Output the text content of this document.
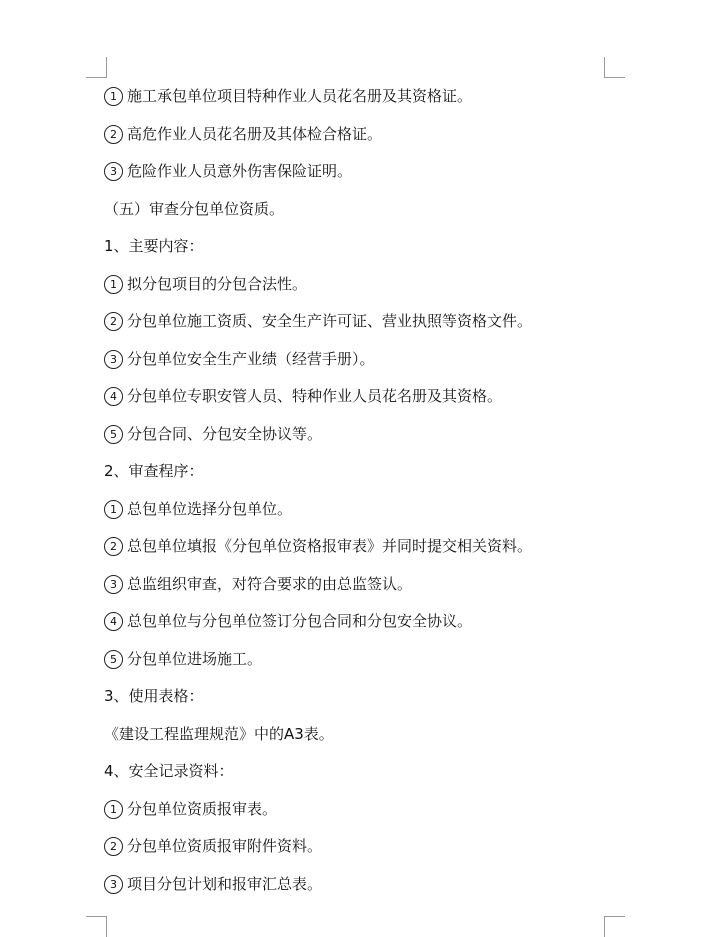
1 施工承包单位项目特种作业人员花名册及其资格证。
2 高危作业人员花名册及其体检合格证。
3 危险作业人员意外伤害保险证明。
（五）审查分包单位资质。
1、主要内容：
1 拟分包项目的分包合法性。
2 分包单位施工资质、安全生产许可证、营业执照等资格文件。
3 分包单位安全生产业绩（经营手册）。
4 分包单位专职安管人员、特种作业人员花名册及其资格。
5 分包合同、分包安全协议等。
2、审查程序：
1 总包单位选择分包单位。
2 总包单位填报《分包单位资格报审表》并同时提交相关资料。
3 总监组织审查，对符合要求的由总监签认。
4 总包单位与分包单位签订分包合同和分包安全协议。
5 分包单位进场施工。
3、使用表格：
《建设工程监理规范》中的A3表。
4、安全记录资料：
1 分包单位资质报审表。
2 分包单位资质报审附件资料。
3 项目分包计划和报审汇总表。
